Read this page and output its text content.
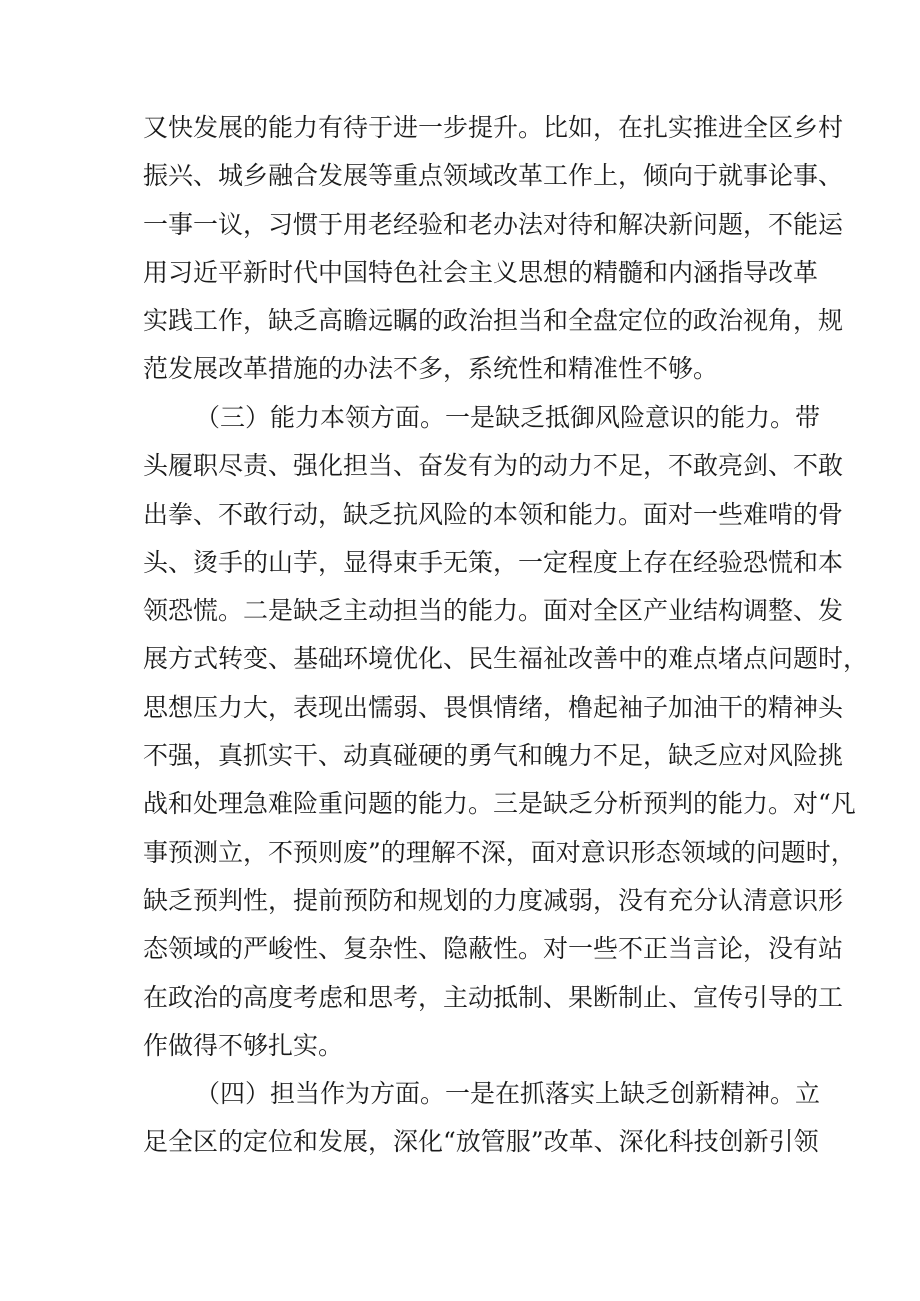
又快发展的能力有待于进一步提升。比如，在扎实推进全区乡村
振兴、城乡融合发展等重点领域改革工作上，倾向于就事论事、
一事一议，习惯于用老经验和老办法对待和解决新问题，不能运
用习近平新时代中国特色社会主义思想的精髓和内涵指导改革
实践工作，缺乏高瞻远瞩的政治担当和全盘定位的政治视角，规
范发展改革措施的办法不多，系统性和精准性不够。
（三）能力本领方面。一是缺乏抵御风险意识的能力。带
头履职尽责、强化担当、奋发有为的动力不足，不敢亮剑、不敢
出拳、不敢行动，缺乏抗风险的本领和能力。面对一些难啃的骨
头、烫手的山芋，显得束手无策，一定程度上存在经验恐慌和本
领恐慌。二是缺乏主动担当的能力。面对全区产业结构调整、发
展方式转变、基础环境优化、民生福祉改善中的难点堵点问题时，
思想压力大，表现出懦弱、畏惧情绪，橹起袖子加油干的精神头
不强，真抓实干、动真碰硬的勇气和魄力不足，缺乏应对风险挑
战和处理急难险重问题的能力。三是缺乏分析预判的能力。对“凡
事预测立，不预则废”的理解不深，面对意识形态领域的问题时，
缺乏预判性，提前预防和规划的力度减弱，没有充分认清意识形
态领域的严峻性、复杂性、隐蔽性。对一些不正当言论，没有站
在政治的高度考虑和思考，主动抵制、果断制止、宣传引导的工
作做得不够扎实。
（四）担当作为方面。一是在抓落实上缺乏创新精神。立
足全区的定位和发展，深化“放管服”改革、深化科技创新引领
